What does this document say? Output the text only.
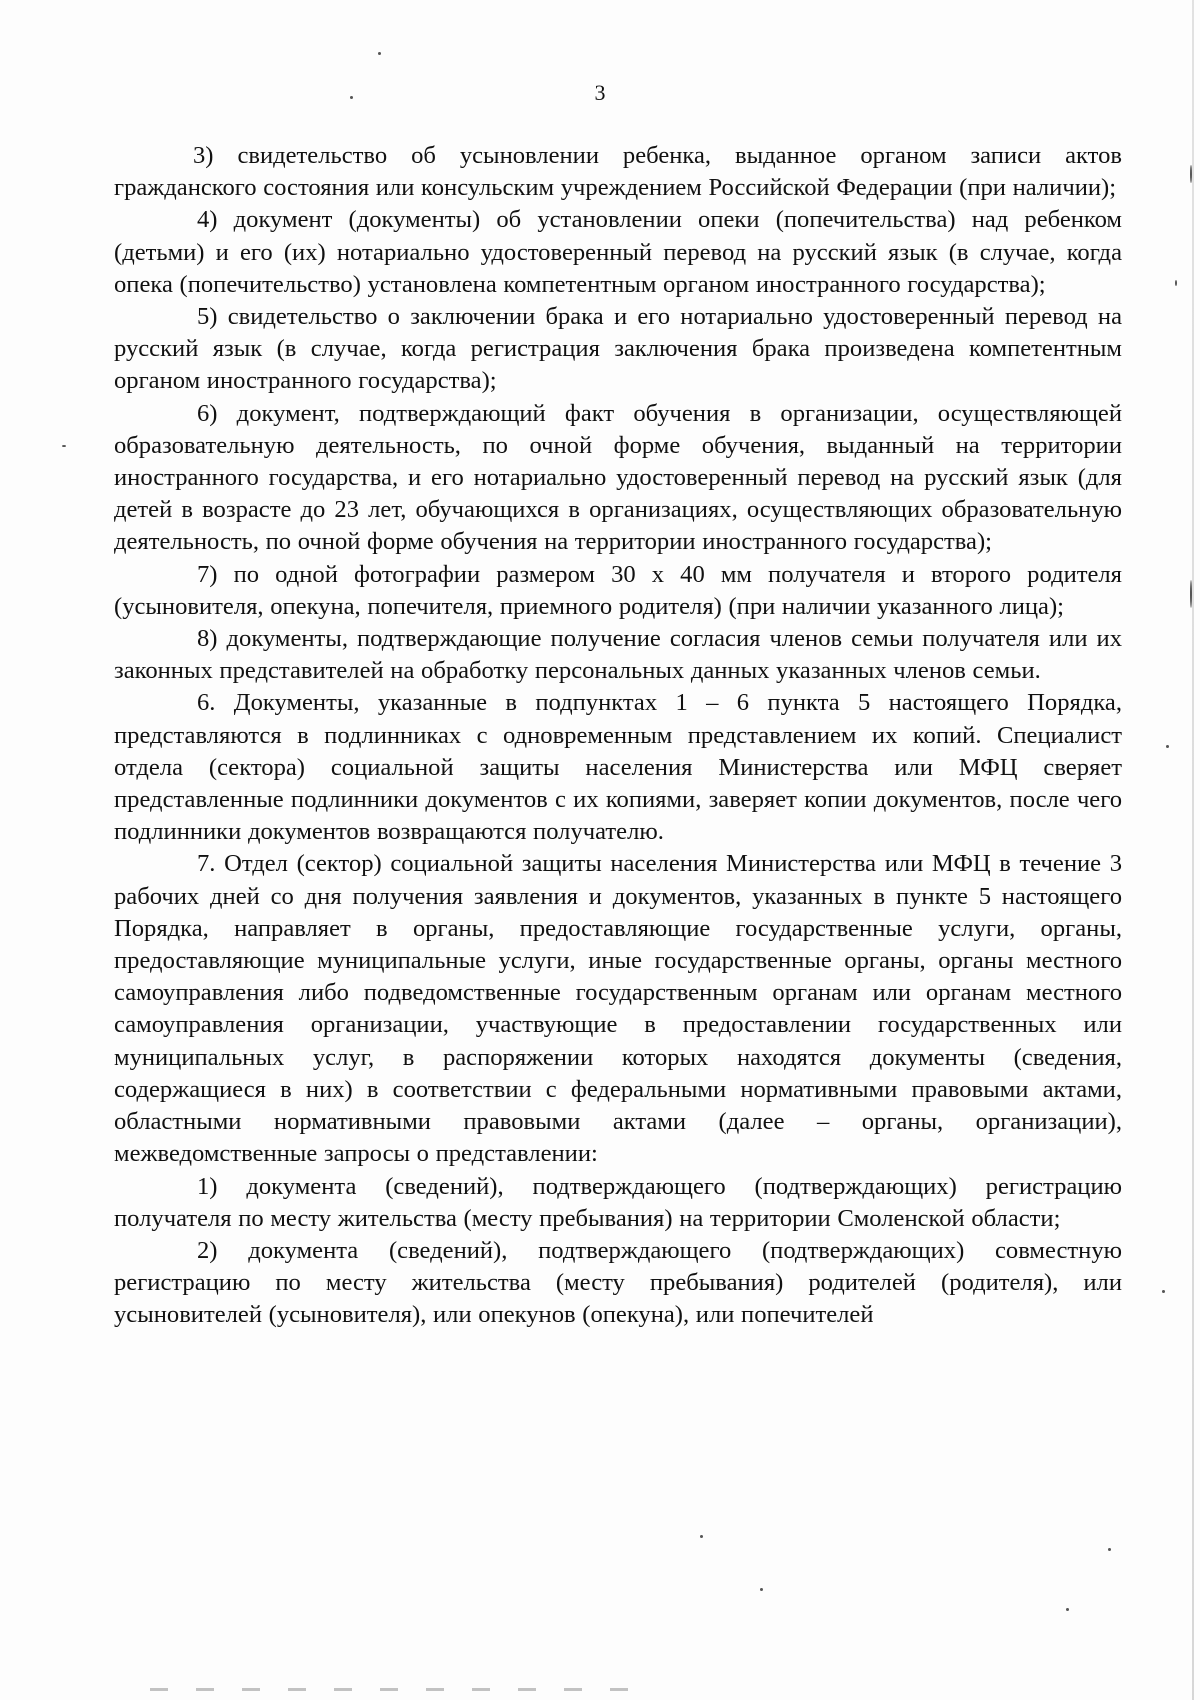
3

3) свидетельство об усыновлении ребенка, выданное органом записи актов гражданского состояния или консульским учреждением Российской Федерации (при наличии);

4) документ (документы) об установлении опеки (попечительства) над ребенком (детьми) и его (их) нотариально удостоверенный перевод на русский язык (в случае, когда опека (попечительство) установлена компетентным органом иностранного государства);

5) свидетельство о заключении брака и его нотариально удостоверенный перевод на русский язык (в случае, когда регистрация заключения брака произведена компетентным органом иностранного государства);

6) документ, подтверждающий факт обучения в организации, осуществляющей образовательную деятельность, по очной форме обучения, выданный на территории иностранного государства, и его нотариально удостоверенный перевод на русский язык (для детей в возрасте до 23 лет, обучающихся в организациях, осуществляющих образовательную деятельность, по очной форме обучения на территории иностранного государства);

7) по одной фотографии размером 30 х 40 мм получателя и второго родителя (усыновителя, опекуна, попечителя, приемного родителя) (при наличии указанного лица);

8) документы, подтверждающие получение согласия членов семьи получателя или их законных представителей на обработку персональных данных указанных членов семьи.

6. Документы, указанные в подпунктах 1 – 6 пункта 5 настоящего Порядка, представляются в подлинниках с одновременным представлением их копий. Специалист отдела (сектора) социальной защиты населения Министерства или МФЦ сверяет представленные подлинники документов с их копиями, заверяет копии документов, после чего подлинники документов возвращаются получателю.

7. Отдел (сектор) социальной защиты населения Министерства или МФЦ в течение 3 рабочих дней со дня получения заявления и документов, указанных в пункте 5 настоящего Порядка, направляет в органы, предоставляющие государственные услуги, органы, предоставляющие муниципальные услуги, иные государственные органы, органы местного самоуправления либо подведомственные государственным органам или органам местного самоуправления организации, участвующие в предоставлении государственных или муниципальных услуг, в распоряжении которых находятся документы (сведения, содержащиеся в них) в соответствии с федеральными нормативными правовыми актами, областными нормативными правовыми актами (далее – органы, организации), межведомственные запросы о представлении:

1) документа (сведений), подтверждающего (подтверждающих) регистрацию получателя по месту жительства (месту пребывания) на территории Смоленской области;

2) документа (сведений), подтверждающего (подтверждающих) совместную регистрацию по месту жительства (месту пребывания) родителей (родителя), или усыновителей (усыновителя), или опекунов (опекуна), или попечителей
